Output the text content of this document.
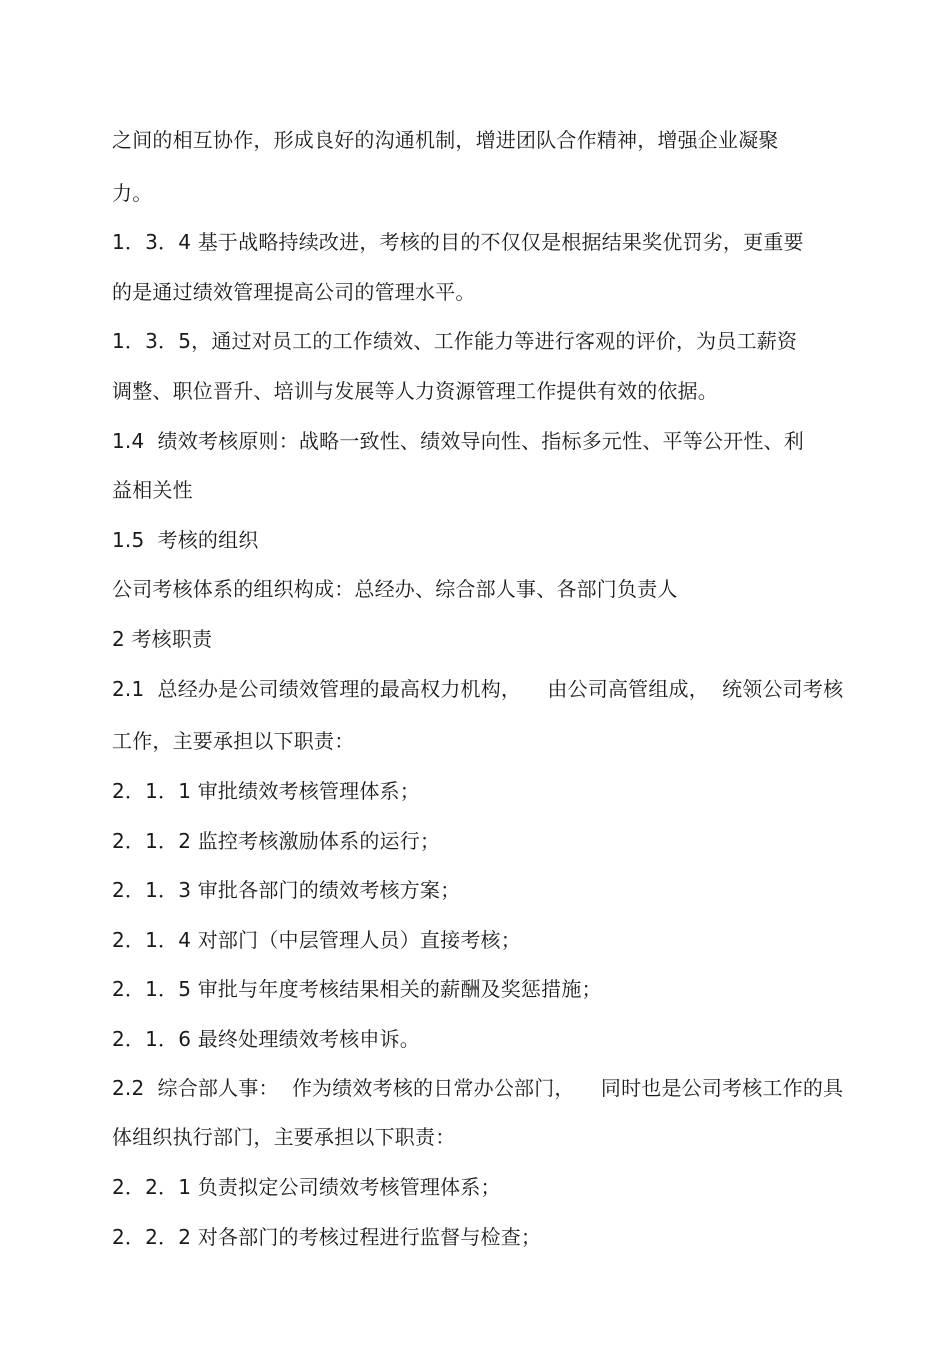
之间的相互协作，形成良好的沟通机制，增进团队合作精神，增强企业凝聚
力。
1．3．4 基于战略持续改进，考核的目的不仅仅是根据结果奖优罚劣，更重要
的是通过绩效管理提高公司的管理水平。
1．3．5，通过对员工的工作绩效、工作能力等进行客观的评价，为员工薪资
调整、职位晋升、培训与发展等人力资源管理工作提供有效的依据。
1.4  绩效考核原则：战略一致性、绩效导向性、指标多元性、平等公开性、利
益相关性
1.5  考核的组织
公司考核体系的组织构成：总经办、综合部人事、各部门负责人
2 考核职责
2.1  总经办是公司绩效管理的最高权力机构，    由公司高管组成，  统领公司考核
工作，主要承担以下职责：
2．1．1 审批绩效考核管理体系；
2．1．2 监控考核激励体系的运行；
2．1．3 审批各部门的绩效考核方案；
2．1．4 对部门（中层管理人员）直接考核；
2．1．5 审批与年度考核结果相关的薪酬及奖惩措施；
2．1．6 最终处理绩效考核申诉。
2.2  综合部人事：  作为绩效考核的日常办公部门，    同时也是公司考核工作的具
体组织执行部门，主要承担以下职责：
2．2．1 负责拟定公司绩效考核管理体系；
2．2．2 对各部门的考核过程进行监督与检查；
